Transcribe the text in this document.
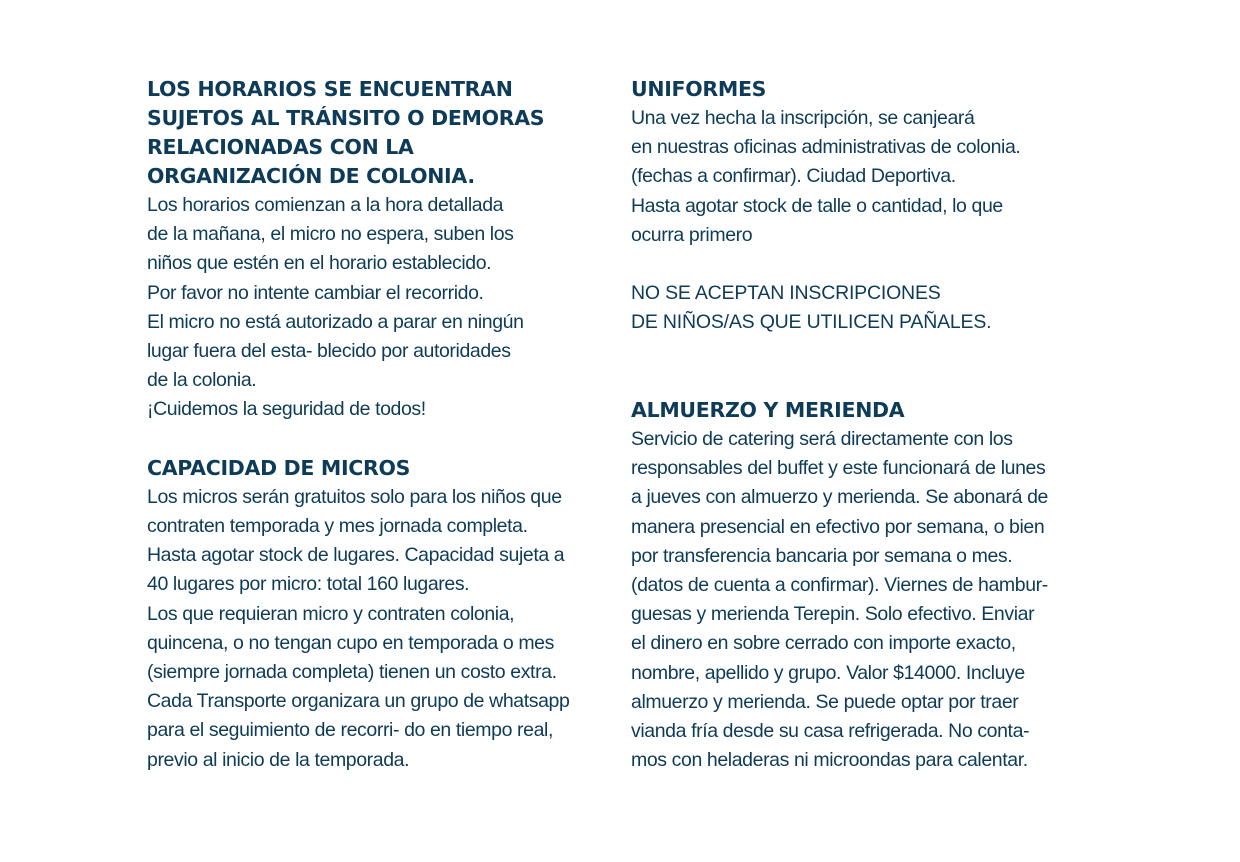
LOS HORARIOS SE ENCUENTRAN
SUJETOS AL TRÁNSITO O DEMORAS
RELACIONADAS CON LA
ORGANIZACIÓN DE COLONIA.
Los horarios comienzan a la hora detallada
de la mañana, el micro no espera, suben los
niños que estén en el horario establecido.
Por favor no intente cambiar el recorrido.
El micro no está autorizado a parar en ningún
lugar fuera del esta- blecido por autoridades
de la colonia.
¡Cuidemos la seguridad de todos!
CAPACIDAD DE MICROS
Los micros serán gratuitos solo para los niños que
contraten temporada y mes jornada completa.
Hasta agotar stock de lugares. Capacidad sujeta a
40 lugares por micro: total 160 lugares.
Los que requieran micro y contraten colonia,
quincena, o no tengan cupo en temporada o mes
(siempre jornada completa) tienen un costo extra.
Cada Transporte organizara un grupo de whatsapp
para el seguimiento de recorri- do en tiempo real,
previo al inicio de la temporada.
UNIFORMES
Una vez hecha la inscripción, se canjeará
en nuestras oficinas administrativas de colonia.
(fechas a confirmar). Ciudad Deportiva.
Hasta agotar stock de talle o cantidad, lo que
ocurra primero
NO SE ACEPTAN INSCRIPCIONES
DE NIÑOS/AS QUE UTILICEN PAÑALES.
ALMUERZO Y MERIENDA
Servicio de catering será directamente con los
responsables del buffet y este funcionará de lunes
a jueves con almuerzo y merienda. Se abonará de
manera presencial en efectivo por semana, o bien
por transferencia bancaria por semana o mes.
(datos de cuenta a confirmar). Viernes de hambur-
guesas y merienda Terepin. Solo efectivo. Enviar
el dinero en sobre cerrado con importe exacto,
nombre, apellido y grupo. Valor $14000. Incluye
almuerzo y merienda. Se puede optar por traer
vianda fría desde su casa refrigerada. No conta-
mos con heladeras ni microondas para calentar.
